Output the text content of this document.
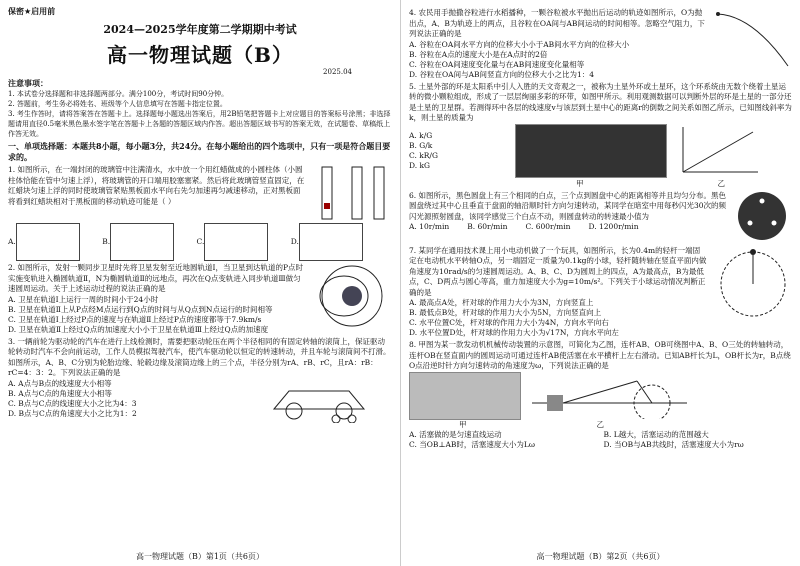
保密★启用前
2024—2025学年度第二学期期中考试
高一物理试题（B）
2025.04
注意事项：
1. 本试卷分选择题和非选择题两部分。满分100分，考试时间90分钟。
2. 答题前，考生务必将姓名、班级等个人信息填写在答题卡指定位置。
3. 考生作答时，请将答案答在答题卡上。选择题每小题选出答案后，用2B铅笔把答题卡上对应题目的答案标号涂黑；非选择题请用直径0.5毫米黑色墨水签字笔在答题卡上各题的答题区域内作答。超出答题区域书写的答案无效，在试题卷、草稿纸上作答无效。
一、单项选择题：本题共8小题，每小题3分，共24分。在每小题给出的四个选项中，只有一项是符合题目要求的。
1. 如图所示，在一端封闭的玻璃管中注满清水，水中放一个用红蜡做成的小圆柱体（小圆柱体恰能在管中匀速上浮），将玻璃管的开口端用胶塞塞紧。然后将此玻璃管竖直固定，在红蜡块匀速上浮的同时使玻璃管紧贴黑板面水平向右先匀加速再匀减速移动，正对黑板面将看到红蜡块相对于黑板面的移动轨迹可能是（ ）
A.	B.	C.	D.
2. 如图所示，发射一颗同步卫星时先将卫星发射至近地圆轨道Ⅰ，当卫星到达轨道的P点时实施变轨进入椭圆轨道Ⅱ，N为椭圆轨道Ⅱ的远地点，再次在Q点变轨进入同步轨道Ⅲ做匀速圆周运动。关于上述运动过程的说法正确的是
A. 卫星在轨道Ⅰ上运行一周的时间小于24小时
B. 卫星在轨道Ⅱ上从P点经M点运行到Q点的时间与从Q点到N点运行的时间相等
C. 卫星在轨道Ⅰ上经过P点的速度与在轨道Ⅱ上经过P点的速度都等于7.9km/s
D. 卫星在轨道Ⅱ上经过Q点的加速度大小小于卫星在轨道Ⅲ上经过Q点的加速度
3. 一辆前轮为驱动轮的汽车在进行上线检测时，需要把驱动轮压在两个半径相同的有固定转轴的滚筒上，保证驱动轮转动时汽车不会向前运动，工作人员模拟驾驶汽车，使汽车驱动轮以恒定的转速转动，并且车轮与滚筒间不打滑。如图所示，A、B、C分别为轮胎边缘、轮毂边缘及滚筒边缘上的三个点，半径分别为rA、rB、rC，且rA：rB：rC=4：3：2。下列说法正确的是
A. A点与B点的线速度大小相等
B. A点与C点的角速度大小相等
C. B点与C点的线速度大小之比为4：3
D. B点与C点的角速度大小之比为1：2
高一物理试题（B）第1页（共6页）
4. 农民用手抛撒谷粒进行水稻播种，一颗谷粒被水平抛出后运动的轨迹如图所示，O为抛出点，A、B为轨迹上的两点，且谷粒在OA间与AB间运动的时间相等。忽略空气阻力，下列说法正确的是
A. 谷粒在OA间水平方向的位移大小小于AB间水平方向的位移大小
B. 谷粒在A点的速度大小是在A点时的2倍
C. 谷粒在OA间速度变化量与在AB间速度变化量相等
D. 谷粒在OA间与AB间竖直方向的位移大小之比为1：4
5. 土星外部的环是太阳系中引人入胜的天文奇观之一，被称为土星外环或土星环，这个环系统由无数个绕着土星运转的微小颗粒组成，形成了一层层绚丽多彩的环带，如图甲所示。利用观测数据可以判断外层的环是土星的一部分还是土星的卫星群。若测得环中各层的线速度v与该层到土星中心的距离r的倒数之间关系如图乙所示，已知图线斜率为k，则土星的质量为
A. k/G
B. G/k
C. kR/G
D. kG
甲	乙
6. 如图所示，黑色圆盘上有三个相同的白点，三个点到圆盘中心的距离相等并且均匀分布。黑色圆盘绕过其中心且垂直于盘面的轴沿顺时针方向匀速转动，某同学在暗室中用每秒闪光30次的频闪光源照射圆盘，该同学感觉三个白点不动，则圆盘转动的转速最小值为
A. 10r/min B. 60r/min C. 600r/min D. 1200r/min
7. 某同学在通用技术课上用小电动机做了一个玩具，如图所示，长为0.4m的轻杆一端固定在电动机水平转轴O点，另一端固定一质量为0.1kg的小球，轻杆随转轴在竖直平面内做角速度为10rad/s的匀速圆周运动。A、B、C、D为圆周上的四点，A为最高点，B为最低点，C、D两点与圆心等高，重力加速度大小为g=10m/s²。下列关于小球运动情况判断正确的是
A. 最高点A处，杆对球的作用力大小为3N，方向竖直上
B. 最低点B处，杆对球的作用力大小为5N，方向竖直向上
C. 水平位置C处，杆对球的作用力大小为4N，方向水平向右
D. 水平位置D处，杆对球的作用力大小为√17N，方向水平向左
8. 甲图为某一款发动机机械传动装置的示意图，可简化为乙图，连杆AB、OB可绕图中A、B、O三处的转轴转动，连杆OB在竖直面内的圆周运动可通过连杆AB使活塞在水平横杆上左右滑动。已知AB杆长为L，OB杆长为r，B点绕O点沿逆时针方向匀速转动的角速度为ω，下列说法正确的是
甲	乙
A. 活塞做的是匀速直线运动
C. 当OB⊥AB时，活塞速度大小为Lω
B. L越大，活塞运动的范围越大
D. 当OB与AB共线时，活塞速度大小为rω
高一物理试题（B）第2页（共6页）
